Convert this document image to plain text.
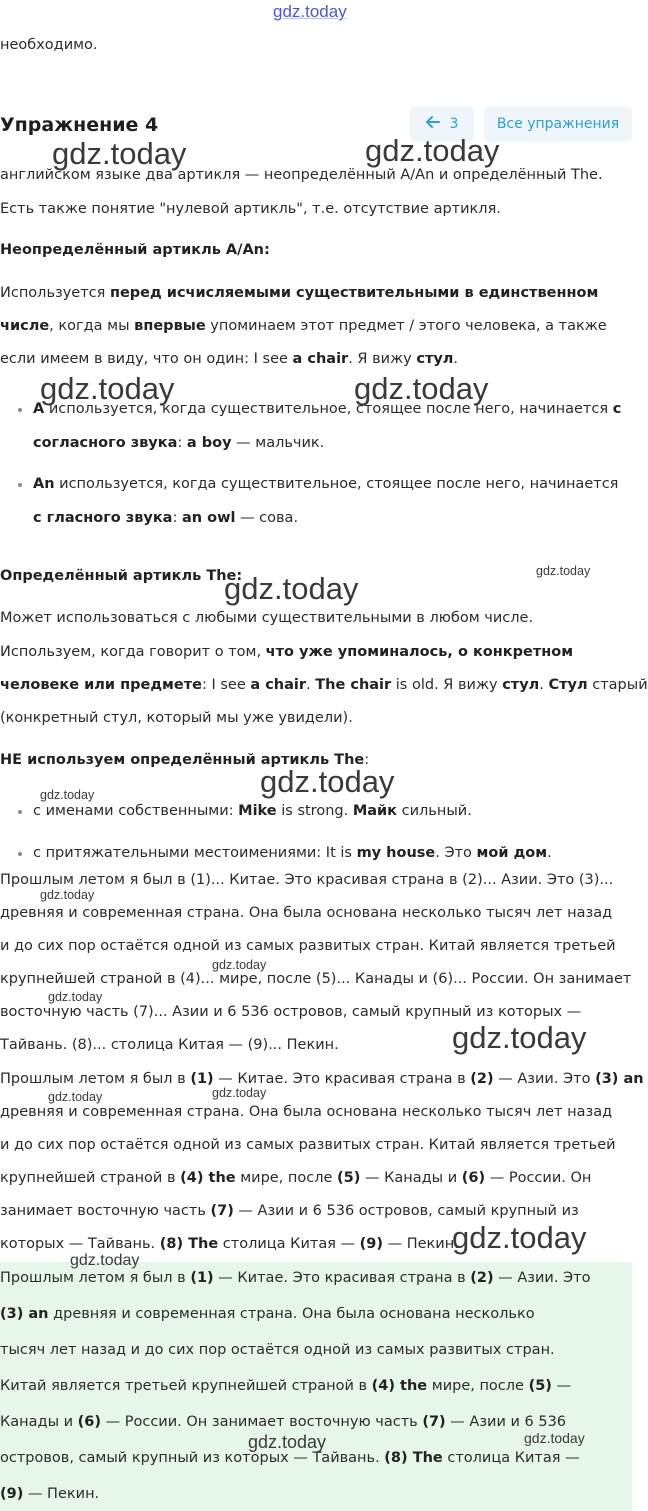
gdz.today
необходимо.
Упражнение 4	3	Все упражнения
английском языке два артикля — неопределённый A/An и определённый The.
Есть также понятие "нулевой артикль", т.е. отсутствие артикля.
Неопределённый артикль A/An:
Используется перед исчисляемыми существительными в единственном
числе, когда мы впервые упоминаем этот предмет / этого человека, а также
если имеем в виду, что он один: I see a chair. Я вижу стул.
A используется, когда существительное, стоящее после него, начинается с
согласного звука: a boy — мальчик.
An используется, когда существительное, стоящее после него, начинается
с гласного звука: an owl — сова.
Определённый артикль The:
Может использоваться с любыми существительными в любом числе.
Используем, когда говорит о том, что уже упоминалось, о конкретном
человеке или предмете: I see a chair. The chair is old. Я вижу стул. Стул старый
(конкретный стул, который мы уже увидели).
НЕ используем определённый артикль The:
с именами собственными: Mike is strong. Майк сильный.
с притяжательными местоимениями: It is my house. Это мой дом.
Прошлым летом я был в (1)... Китае. Это красивая страна в (2)... Азии. Это (3)...
древняя и современная страна. Она была основана несколько тысяч лет назад
и до сих пор остаётся одной из самых развитых стран. Китай является третьей
крупнейшей страной в (4)... мире, после (5)... Канады и (6)... России. Он занимает
восточную часть (7)... Азии и 6 536 островов, самый крупный из которых —
Тайвань. (8)... столица Китая — (9)... Пекин.
Прошлым летом я был в (1) — Китае. Это красивая страна в (2) — Азии. Это (3) an
древняя и современная страна. Она была основана несколько тысяч лет назад
и до сих пор остаётся одной из самых развитых стран. Китай является третьей
крупнейшей страной в (4) the мире, после (5) — Канады и (6) — России. Он
занимает восточную часть (7) — Азии и 6 536 островов, самый крупный из
которых — Тайвань. (8) The столица Китая — (9) — Пекин.
Прошлым летом я был в (1) — Китае. Это красивая страна в (2) — Азии. Это
(3) an древняя и современная страна. Она была основана несколько
тысяч лет назад и до сих пор остаётся одной из самых развитых стран.
Китай является третьей крупнейшей страной в (4) the мире, после (5) —
Канады и (6) — России. Он занимает восточную часть (7) — Азии и 6 536
островов, самый крупный из которых — Тайвань. (8) The столица Китая —
(9) — Пекин.
gdz.today	gdz.today
gdz.today	gdz.today
gdz.today	gdz.today
gdz.today
gdz.today
gdz.today
gdz.today
gdz.today
gdz.today
gdz.today	gdz.today
gdz.today
gdz.today
gdz.today	gdz.today
